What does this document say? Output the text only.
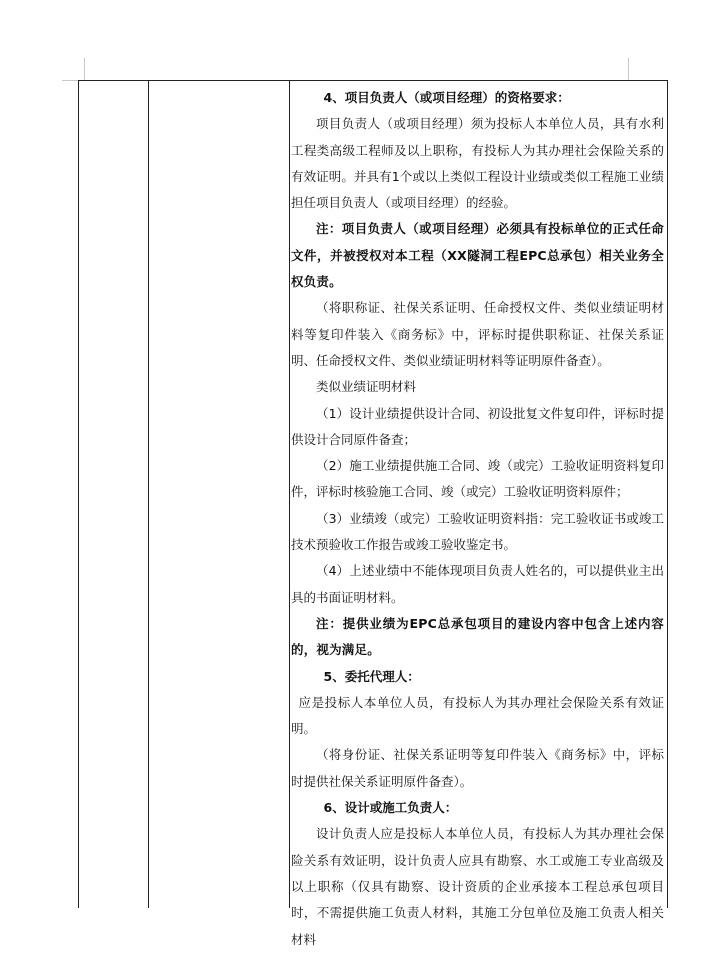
4、项目负责人（或项目经理）的资格要求：

项目负责人（或项目经理）须为投标人本单位人员，具有水利工程类高级工程师及以上职称，有投标人为其办理社会保险关系的有效证明。并具有1个或以上类似工程设计业绩或类似工程施工业绩担任项目负责人（或项目经理）的经验。

注：项目负责人（或项目经理）必须具有投标单位的正式任命文件，并被授权对本工程（XX隧洞工程EPC总承包）相关业务全权负责。

（将职称证、社保关系证明、任命授权文件、类似业绩证明材料等复印件装入《商务标》中，评标时提供职称证、社保关系证明、任命授权文件、类似业绩证明材料等证明原件备查）。

类似业绩证明材料

（1）设计业绩提供设计合同、初设批复文件复印件，评标时提供设计合同原件备查；

（2）施工业绩提供施工合同、竣（或完）工验收证明资料复印件，评标时核验施工合同、竣（或完）工验收证明资料原件；

（3）业绩竣（或完）工验收证明资料指：完工验收证书或竣工技术预验收工作报告或竣工验收鉴定书。

（4）上述业绩中不能体现项目负责人姓名的，可以提供业主出具的书面证明材料。

注：提供业绩为EPC总承包项目的建设内容中包含上述内容的，视为满足。

5、委托代理人：

应是投标人本单位人员，有投标人为其办理社会保险关系有效证明。

（将身份证、社保关系证明等复印件装入《商务标》中，评标时提供社保关系证明原件备查）。

6、设计或施工负责人：

设计负责人应是投标人本单位人员，有投标人为其办理社会保险关系有效证明，设计负责人应具有勘察、水工或施工专业高级及以上职称（仅具有勘察、设计资质的企业承接本工程总承包项目时，不需提供施工负责人材料，其施工分包单位及施工负责人相关材料
